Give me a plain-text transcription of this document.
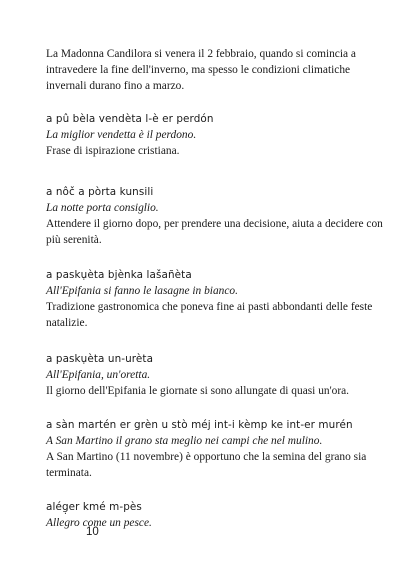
La Madonna Candilora si venera il 2 febbraio, quando si comincia a intravedere la fine dell'inverno, ma spesso le condizioni climatiche invernali durano fino a marzo.

a pû bèla vendèta l-è er perdón

La miglior vendetta è il perdono.

Frase di ispirazione cristiana.

a nôč a pòrta kunsili

La notte porta consiglio.

Attendere il giorno dopo, per prendere una decisione, aiuta a decidere con più serenità.

a paskụèta bjènka lašañèta

All'Epifania si fanno le lasagne in bianco.

Tradizione gastronomica che poneva fine ai pasti abbondanti delle feste natalizie.

a paskụèta un-urèta

All'Epifania, un'oretta.

Il giorno dell'Epifania le giornate si sono allungate di quasi un'ora.

a sàn martén er grèn u stò méj int-i kèmp ke int-er murén

A San Martino il grano sta meglio nei campi che nel mulino.

A San Martino (11 novembre) è opportuno che la semina del grano sia terminata.

alég̣er kmé m-pès

Allegro come un pesce.

10
